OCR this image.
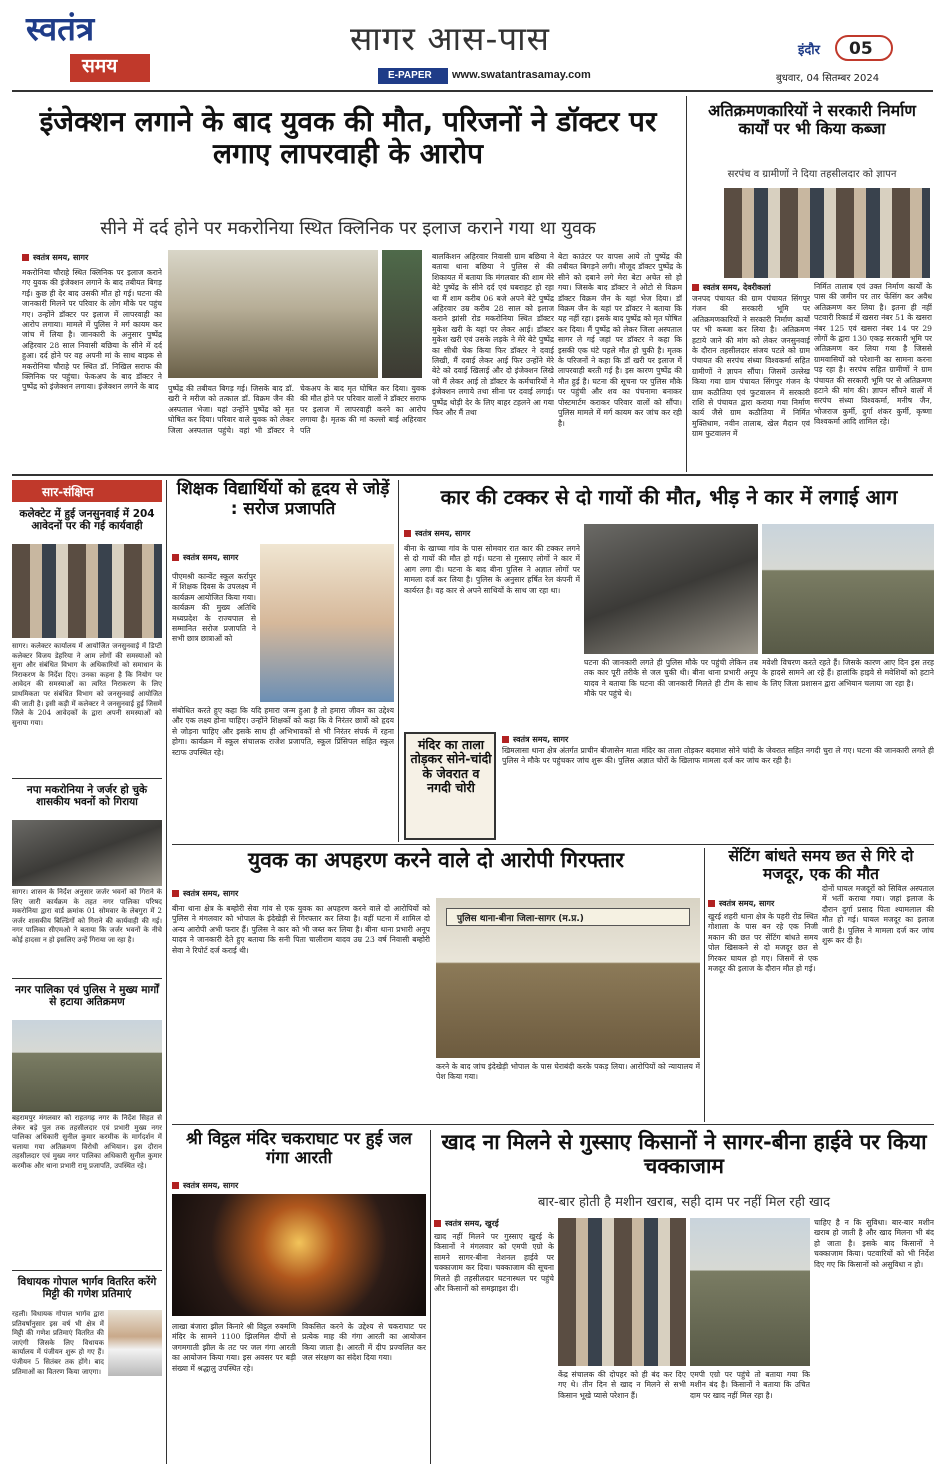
स्वतंत्र
समय
सागर आस-पास
E-PAPER www.swatantrasamay.com
इंदौर 05
बुधवार, 04 सितम्बर 2024
इंजेक्शन लगाने के बाद युवक की मौत, परिजनों ने डॉक्टर पर लगाए लापरवाही के आरोप
सीने में दर्द होने पर मकरोनिया स्थित क्लिनिक पर इलाज कराने गया था युवक
स्वतंत्र समय, सागर
मकरोनिया चौराहे स्थित क्लिनिक पर इलाज कराने गए युवक की इंजेक्शन लगाने के बाद तबीयत बिगड़ गई। कुछ ही देर बाद उसकी मौत हो गई। घटना की जानकारी मिलने पर परिवार के लोग मौके पर पहुंच गए। उन्होंने डॉक्टर पर इलाज में लापरवाही का आरोप लगाया। मामले में पुलिस ने मर्ग कायम कर जांच में लिया है। जानकारी के अनुसार पुष्पेंद्र अहिरवार 28 साल निवासी बछिया के सीने में दर्द हुआ। दर्द होने पर वह अपनी मां के साथ बाइक से मकरोनिया चौराहे पर स्थित डॉ. निखिल सराफ की क्लिनिक पर पहुंचा। फेकअप के बाद डॉक्टर ने पुष्पेंद्र को इंजेक्शन लगाया। इंजेक्शन लगने के बाद	पुष्पेंद्र की तबीयत बिगड़ गई। जिसके बाद डॉ. खरी ने मरीज को तत्काल डॉ. विक्रम जैन की अस्पताल भेजा। यहां उन्होंने पुष्पेंद्र को मृत घोषित कर दिया। परिवार वाले युवक को लेकर जिला अस्पताल पहुंचे। वहां भी डॉक्टर ने चेकअप के बाद मृत घोषित कर दिया। युवक की मौत होने पर परिवार वालों ने डॉक्टर सराफ पर इलाज में लापरवाही करने का आरोप लगाया है। मृतक की मां कल्लो बाई अहिरवार पति
बालकिशन अहिरवार निवासी ग्राम बछिया ने बताया थाना बछिया ने पुलिस से की शिकायत में बताया कि मंगलवार की शाम मेरे बेटे पुष्पेंद्र के सीने दर्द एवं घबराहट हो रहा था मैं शाम करीब 06 बजे अपने बेटे पुष्पेंद्र अहिरवार उम्र करीब 28 साल को इलाज कराने झांसी रोड मकरोनिया स्थित डॉक्टर मुकेश खरी के यहां पर लेकर आई। डॉक्टर मुकेश खरी एवं उसके लड़के ने मेरे बेटे पुष्पेंद्र का सीधी चेक किया फिर डॉक्टर ने दवाई लिखी, मैं दवाई लेकर आई फिर उन्होंने मेरे बेटे को दवाई खिलाई और दो इंजेक्शन लिखे जो मैं लेकर आई तो डॉक्टर के कर्मचारियों ने इंजेक्शन लगाये तथा सीना पर दवाई लगाई। पुष्पेंद्र थोड़ी देर के लिए बाहर टहलने आ गया फिर और मैं तथा
बेटा काउंटर पर वापस आये तो पुष्पेंद्र की तबीयत बिगड़ने लगी। मौजूद डॉक्टर पुष्पेंद्र के सीने को दबाने लगे मेरा बेटा अचेत सो हो गया। जिसके बाद डॉक्टर ने ओटो से विक्रम डॉक्टर विक्रम जैन के यहां भेज दिया। डॉ विक्रम जैन के यहां पर डॉक्टर ने बताया कि यह नहीं रहा। इसके बाद पुष्पेंद्र को मृत घोषित कर दिया। मैं पुष्पेंद्र को लेकर जिला अस्पताल सागर ले गई जहां पर डॉक्टर ने कहा कि इसकी एक घंटे पहले मौत हो चुकी है। मृतक के परिजनों ने कहा कि डॉ खरी पर इलाज में लापरवाही बरती गई है। इस कारण पुष्पेंद्र की मौत हुई है। घटना की सूचना पर पुलिस मौके पर पहुंची और शव का पंचनामा बनाकर पोस्टमार्टम कराकर परिवार वालों को सौंपा। पुलिस मामले में मर्ग कायम कर जांच कर रही है।
अतिक्रमणकारियों ने सरकारी निर्माण कार्यों पर भी किया कब्जा
सरपंच व ग्रामीणों ने दिया तहसीलदार को ज्ञापन
स्वतंत्र समय, देवरीकलां
जनपद पंचायत की ग्राम पंचायत सिंगपुर गंजन की सरकारी भूमि पर अतिक्रमणकारियों ने सरकारी निर्माण कार्यों पर भी कब्जा कर लिया है। अतिक्रमण हटाये जाने की मांग को लेकर जनसुनवाई के दौरान तहसीलदार संजय पटले को ग्राम पंचायत की सरपंच संध्या विश्वकर्मा सहित ग्रामीणों ने ज्ञापन सौंपा। जिसमें उल्लेख किया गया ग्राम पंचायत सिंगपुर गंजन के ग्राम कठौतिया एवं फुटवालन में सरकारी राशि से पंचायत द्वारा कराया गया निर्माण कार्य जैसे ग्राम कठौतिया में निर्मित मुक्तिधाम, नवीन तालाब, खेल मैदान एवं ग्राम फुटवालन में
निर्मित तालाब एवं उक्त निर्माण कार्यों के पास की जमीन पर तार फेंसिंग कर अवैध अतिक्रमण कर लिया है। इतना ही नहीं पटवारी रिकार्ड में खसरा नंबर 51 के खसरा नंबर 125 एवं खसरा नंबर 14 पर 29 लोगों के द्वारा 130 एकड़ सरकारी भूमि पर अतिक्रमण कर लिया गया है जिससे ग्रामवासियों को परेशानी का सामना करना पड़ रहा है। सरपंच सहित ग्रामीणों ने ग्राम पंचायत की सरकारी भूमि पर से अतिक्रमण हटाने की मांग की। ज्ञापन सौंपने वालों में सरपंच संध्या विश्वकर्मा, मनीष जैन, भोजराज कुर्मी, दुर्गा शंकर कुर्मी, कृष्णा विश्वकर्मा आदि शामिल रहे।
सार-संक्षिप्त
कलेक्टेट में हुई जनसुनवाई में 204 आवेदनों पर की गई कार्यवाही
सागर। कलेक्टर कार्यालय में आयोजित जनसुनवाई में डिप्टी कलेक्टर विजय डेहरिया ने आम लोगों की समस्याओं को सुना और संबंधित विभाग के अधिकारियों को समाधान के निराकरण के निर्देश दिए। उनका कहना है कि नियोग पर आवेदन की समस्याओं का त्वरित निराकरण के लिए प्राथमिकता पर संबंधित विभाग को जनसुनवाई आयोजित की जाती है। इसी कड़ी में कलेक्टर ने जनसुनवाई हुई जिसमें जिले के 204 आवेदकों के द्वारा अपनी समस्याओं को सुनाया गया।
नपा मकरोनिया ने जर्जर हो चुके शासकीय भवनों को गिराया
सागर। शासन के निर्देश अनुसार जर्जर भवनों को गिराने के लिए जारी कार्यक्रम के तहत नगर पालिका परिषद मकरोनिया द्वारा वार्ड क्रमांक 01 सोमवार के लेबगुरा में 2 जर्जर शासकीय बिल्डिंगों को गिराने की कार्यवाही की गई। नगर पालिका सीएमओ ने बताया कि जर्जर भवनों के नीचे कोई हादसा न हो इसलिए उन्हें गिराया जा रहा है।
नगर पालिका एवं पुलिस ने मुख्य मार्गों से हटाया अतिक्रमण
बहरामपुर मंगलवार को राहतगढ़ नगर के निर्देश सिहत से लेकर बड़े पुल तक तहसीलदार एवं प्रभारी मुख्य नगर पालिका अधिकारी सुनील कुमार करमीक के मार्गदर्शन में चलाया गया अतिक्रमण विरोधी अभियान। इस दौरान तहसीलदार एवं मुख्य नगर पालिका अधिकारी सुनील कुमार करमीक और थाना प्रभारी रामू प्रजापति, उपस्थित रहे।
विधायक गोपाल भार्गव वितरित करेंगे मिट्टी की गणेश प्रतिमाएं
रहली। विधायक गोपाल भार्गव द्वारा प्रतिवर्षानुसार इस वर्ष भी क्षेत्र में मिट्टी की गणेश प्रतिमाएं वितरित की जाएंगी जिसके लिए विधायक कार्यालय में पंजीयन शुरू हो गए हैं। पंजीयन 5 सितंबर तक होंगे। बाद प्रतिमाओं का वितरण किया जाएगा।
शिक्षक विद्यार्थियों को हृदय से जोड़ें : सरोज प्रजापति
स्वतंत्र समय, सागर
पीएमश्री कान्वेंट स्कूल कर्रापुर में शिक्षक दिवस के उपलक्ष्य में कार्यक्रम आयोजित किया गया। कार्यक्रम की मुख्य अतिथि मध्यप्रदेश के राज्यपाल से सम्मानित सरोज प्रजापति ने सभी छात्र छात्राओं को
संबोधित करते हुए कहा कि यदि हमारा जन्म हुआ है तो हमारा जीवन का उद्देश्य और एक लक्ष्य होना चाहिए। उन्होंने शिक्षकों को कहा कि वे निरंतर छात्रों को हृदय से जोड़ना चाहिए और इसके साथ ही अभिभावकों से भी निरंतर संपर्क में रहना होगा। कार्यक्रम में स्कूल संचालक राजेश प्रजापति, स्कूल प्रिंसिपल सहित स्कूल स्टाफ उपस्थित रहे।
कार की टक्कर से दो गायों की मौत, भीड़ ने कार में लगाई आग
स्वतंत्र समय, सागर
बीना के खाच्या गांव के पास सोमवार रात कार की टक्कर लगने से दो गायों की मौत हो गई। घटना से गुस्साए लोगों ने कार में आग लगा दी। घटना के बाद बीना पुलिस ने अज्ञात लोगों पर मामला दर्ज कर लिया है। पुलिस के अनुसार हर्षित रेल कंपनी में कार्यरत है। वह कार से अपने साथियों के साथ जा रहा था।
घटना की जानकारी लगते ही पुलिस मौके पर पहुंची लेकिन तब तक कार पूरी तरीके से जल चुकी थी। बीना थाना प्रभारी अनूप यादव ने बताया कि घटना की जानकारी मिलते ही टीम के साथ मौके पर पहुंचे थे।
मवेशी विचरण करते रहते हैं। जिसके कारण आए दिन इस तरह के हादसे सामने आ रहे हैं। हालांकि हाइवे से मवेशियों को हटाने के लिए जिला प्रशासन द्वारा अभियान चलाया जा रहा है।
मंदिर का ताला तोड़कर सोने-चांदी के जेवरात व नगदी चोरी
स्वतंत्र समय, सागर
खिमलासा थाना क्षेत्र अंतर्गत प्राचीन बीजासेन माता मंदिर का ताला तोड़कर बदमाश सोने चांदी के जेवरात सहित नगदी चुरा ले गए। घटना की जानकारी लगते ही पुलिस ने मौके पर पहुंचकर जांच शुरू की। पुलिस अज्ञात चोरों के खिलाफ मामला दर्ज कर जांच कर रही है।
युवक का अपहरण करने वाले दो आरोपी गिरफ्तार
स्वतंत्र समय, सागर
बीना थाना क्षेत्र के बम्होरी सेवा गांव से एक युवक का अपहरण करने वाले दो आरोपियों को पुलिस ने मंगलवार को भोपाल के इंदेखेड़ी से गिरफ्तार कर लिया है। वहीं घटना में शामिल दो अन्य आरोपी अभी फरार हैं। पुलिस ने कार को भी जब्त कर लिया है। बीना थाना प्रभारी अनूप यादव ने जानकारी देते हुए बताया कि सनी पिता चालीराम यादव उम्र 23 वर्ष निवासी बम्होरी सेवा ने रिपोर्ट दर्ज कराई थी।
पुलिस थाना-बीना जिला-सागर (म.प्र.)
करने के बाद जांच इंदेखेड़ी भोपाल के पास घेराबंदी करके पकड़ लिया। आरोपियों को न्यायालय में पेश किया गया।
सेंटिंग बांधते समय छत से गिरे दो मजदूर, एक की मौत
स्वतंत्र समय, सागर
खुरई शहरी थाना क्षेत्र के पहरी रोड स्थित गोशाला के पास बन रहे एक निजी मकान की छत पर सेंटिंग बांधते समय पोल खिसकने से दो मजदूर छत से गिरकर घायल हो गए। जिसमें से एक मजदूर की इलाज के दौरान मौत हो गई।
दोनों घायल मजदूरों को सिविल अस्पताल में भर्ती कराया गया। जहां इलाज के दौरान दुर्गा प्रसाद पिता श्यामलाल की मौत हो गई। घायल मजदूर का इलाज जारी है। पुलिस ने मामला दर्ज कर जांच शुरू कर दी है।
श्री विट्ठल मंदिर चकराघाट पर हुई जल गंगा आरती
स्वतंत्र समय, सागर
लाखा बंजारा झील किनारे श्री विट्ठल रुक्मणि मंदिर के सामने 1100 झिलमिल दीपों से जगमगाती झील के तट पर जल गंगा आरती का आयोजन किया गया। इस अवसर पर बड़ी संख्या में श्रद्धालु उपस्थित रहे।
विकसित करने के उद्देश्य से चकराघाट पर प्रत्येक माह की गंगा आरती का आयोजन किया जाता है। आरती में दीप प्रज्वलित कर जल संरक्षण का संदेश दिया गया।
खाद ना मिलने से गुस्साए किसानों ने सागर-बीना हाईवे पर किया चक्काजाम
बार-बार होती है मशीन खराब, सही दाम पर नहीं मिल रही खाद
स्वतंत्र समय, खुरई
खाद नहीं मिलने पर गुस्साए खुरई के किसानों ने मंगलवार को एमपी एग्रो के सामने सागर-बीना नेशनल हाईवे पर चक्काजाम कर दिया। चक्काजाम की सूचना मिलते ही तहसीलदार घटनास्थल पर पहुंचे और किसानों को समझाइश दी।
केंद्र संचालक की दोपहर को ही बंद कर दिए गए थे। तीन दिन से खाद न मिलने से सभी किसान भूखे प्यासे परेशान हैं।
एमपी एग्रो पर पहुंचे तो बताया गया कि मशीन बंद है। किसानों ने बताया कि उचित दाम पर खाद नहीं मिल रहा है।
चाहिए है न कि सुविधा। बार-बार मशीन खराब हो जाती है और खाद मिलना भी बंद हो जाता है। इसके बाद किसानों ने चक्काजाम किया। पटवारियों को भी निर्देश दिए गए कि किसानों को असुविधा न हो।
